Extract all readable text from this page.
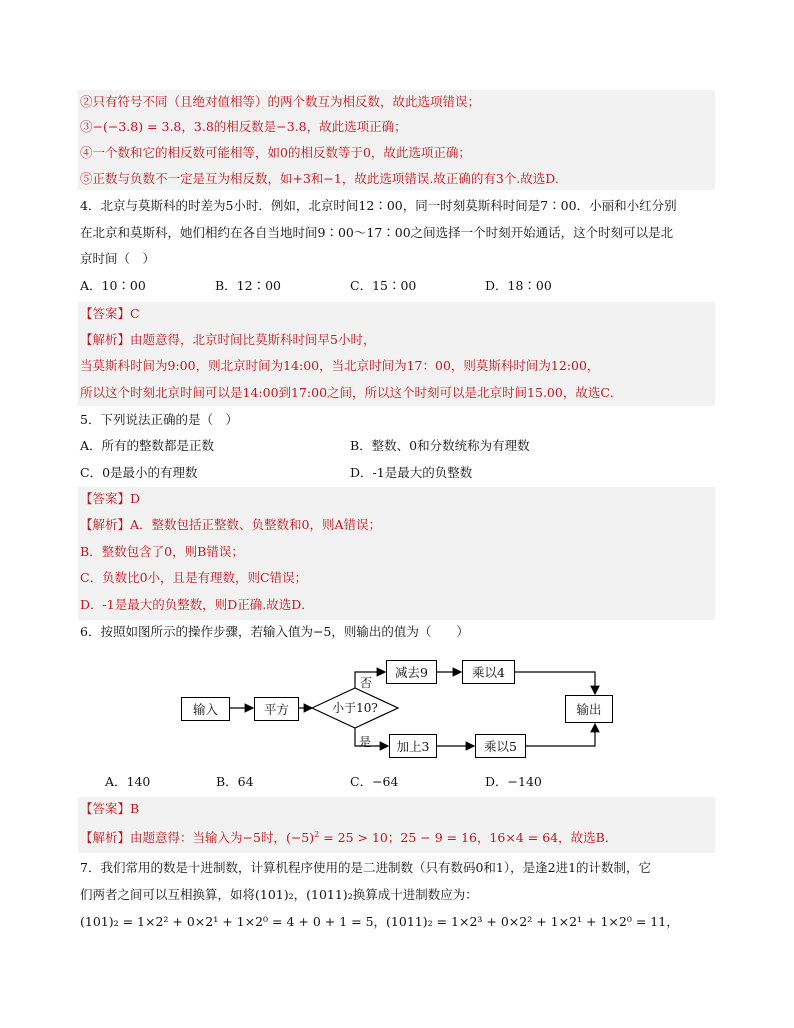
②只有符号不同（且绝对值相等）的两个数互为相反数，故此选项错误；
③−(−3.8) = 3.8，3.8的相反数是−3.8，故此选项正确；
④一个数和它的相反数可能相等，如0的相反数等于0，故此选项正确；
⑤正数与负数不一定是互为相反数，如+3和−1，故此选项错误.故正确的有3个.故选D.
4．北京与莫斯科的时差为5小时．例如，北京时间12∶00，同一时刻莫斯科时间是7∶00．小丽和小红分别
在北京和莫斯科，她们相约在各自当地时间9∶00～17∶00之间选择一个时刻开始通话，这个时刻可以是北
京时间（　）
A．10∶00	B．12∶00	C．15∶00	D．18∶00
【答案】C
【解析】由题意得，北京时间比莫斯科时间早5小时，
当莫斯科时间为9:00，则北京时间为14:00，当北京时间为17：00，则莫斯科时间为12:00，
所以这个时刻北京时间可以是14:00到17:00之间，所以这个时刻可以是北京时间15.00，故选C．
5．下列说法正确的是（　）
A．所有的整数都是正数	B．整数、0和分数统称为有理数
C．0是最小的有理数	D．-1是最大的负整数
【答案】D
【解析】A．整数包括正整数、负整数和0，则A错误；
B．整数包含了0，则B错误；
C．负数比0小，且是有理数，则C错误；
D．-1是最大的负整数，则D正确.故选D．
6．按照如图所示的操作步骤，若输入值为−5，则输出的值为（　　）
输入	平方	小于10?
否
是
减去9	乘以4
加上3	乘以5
输出
A．140	B．64	C．−64	D．−140
【答案】B
【解析】由题意得：当输入为−5时，$(-5)^2 = 25 > 10$；25 − 9 = 16，16×4 = 64，故选B．
7．我们常用的数是十进制数，计算机程序使用的是二进制数（只有数码0和1），是逢2进1的计数制，它
们两者之间可以互相换算，如将(101)₂，(1011)₂换算成十进制数应为：
(101)₂ = 1×2² + 0×2¹ + 1×2⁰ = 4 + 0 + 1 = 5，(1011)₂ = 1×2³ + 0×2² + 1×2¹ + 1×2⁰ = 11，
